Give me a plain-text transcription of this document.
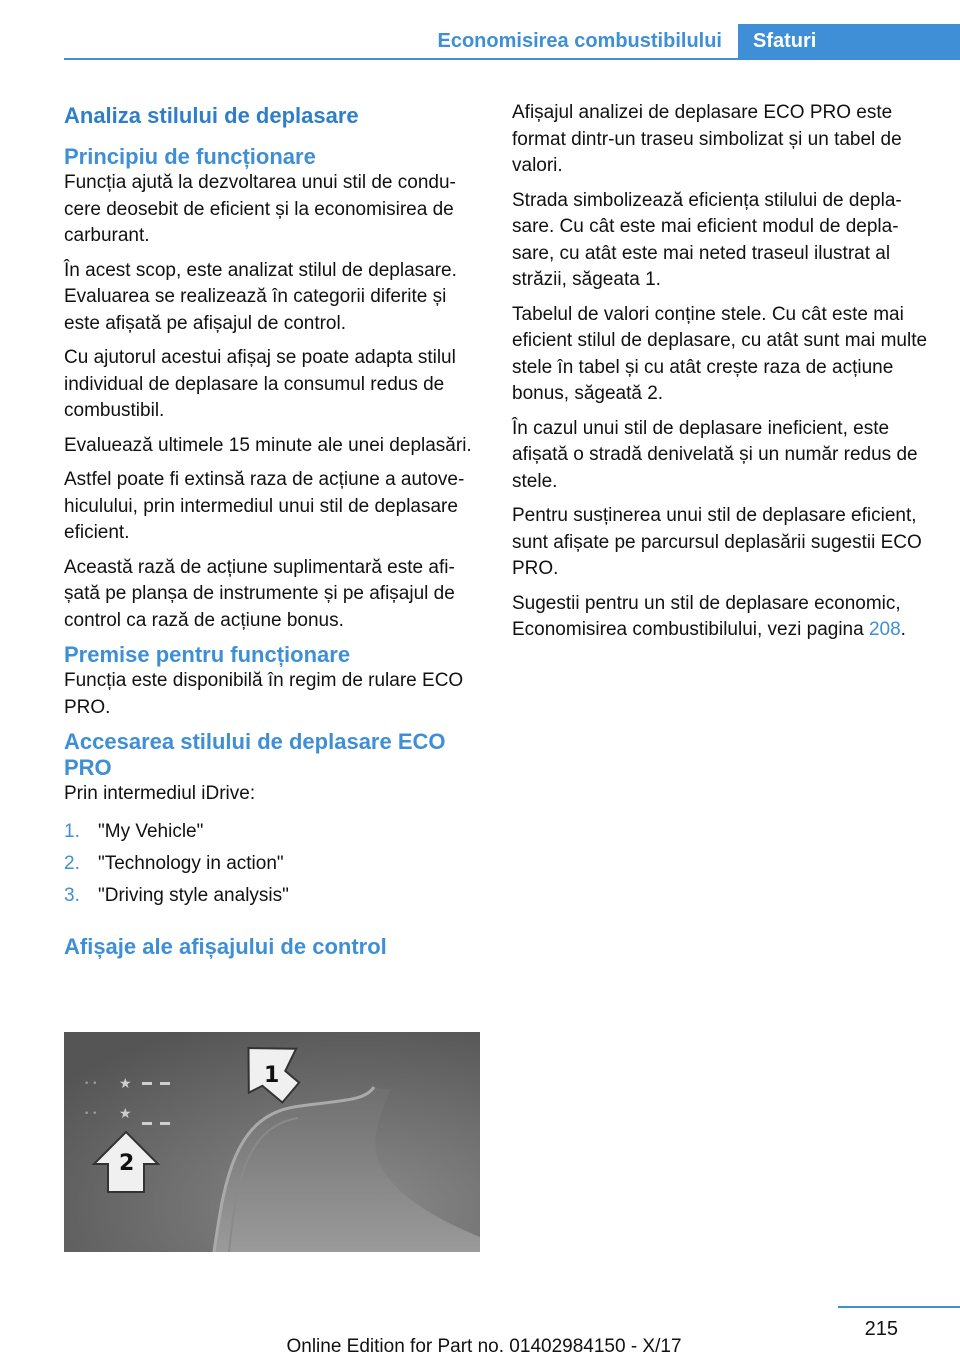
Economisirea combustibilului	Sfaturi
Analiza stilului de deplasare
Principiu de funcționare

Funcția ajută la dezvoltarea unui stil de conducere deosebit de eficient și la economisirea de carburant.

În acest scop, este analizat stilul de deplasare. Evaluarea se realizează în categorii diferite și este afișată pe afișajul de control.

Cu ajutorul acestui afișaj se poate adapta stilul individual de deplasare la consumul redus de combustibil.

Evaluează ultimele 15 minute ale unei deplasări.

Astfel poate fi extinsă raza de acțiune a autovehiculului, prin intermediul unui stil de deplasare eficient.

Această rază de acțiune suplimentară este afișată pe planșa de instrumente și pe afișajul de control ca rază de acțiune bonus.

Premise pentru funcționare

Funcția este disponibilă în regim de rulare ECO PRO.

Accesarea stilului de deplasare ECO PRO

Prin intermediul iDrive:

1. "My Vehicle"
2. "Technology in action"
3. "Driving style analysis"
Afișaje ale afișajului de control
• • ★
• • ★
1
2

Afișajul analizei de deplasare ECO PRO este format dintr-un traseu simbolizat și un tabel de valori.

Strada simbolizează eficiența stilului de deplasare. Cu cât este mai eficient modul de deplasare, cu atât este mai neted traseul ilustrat al străzii, săgeata 1.

Tabelul de valori conține stele. Cu cât este mai eficient stilul de deplasare, cu atât sunt mai multe stele în tabel și cu atât crește raza de acțiune bonus, săgeată 2.

În cazul unui stil de deplasare ineficient, este afișată o stradă denivelată și un număr redus de stele.

Pentru susținerea unui stil de deplasare eficient, sunt afișate pe parcursul deplasării sugestii ECO PRO.

Sugestii pentru un stil de deplasare economic, Economisirea combustibilului, vezi pagina 208.

215
Online Edition for Part no. 01402984150 - X/17
